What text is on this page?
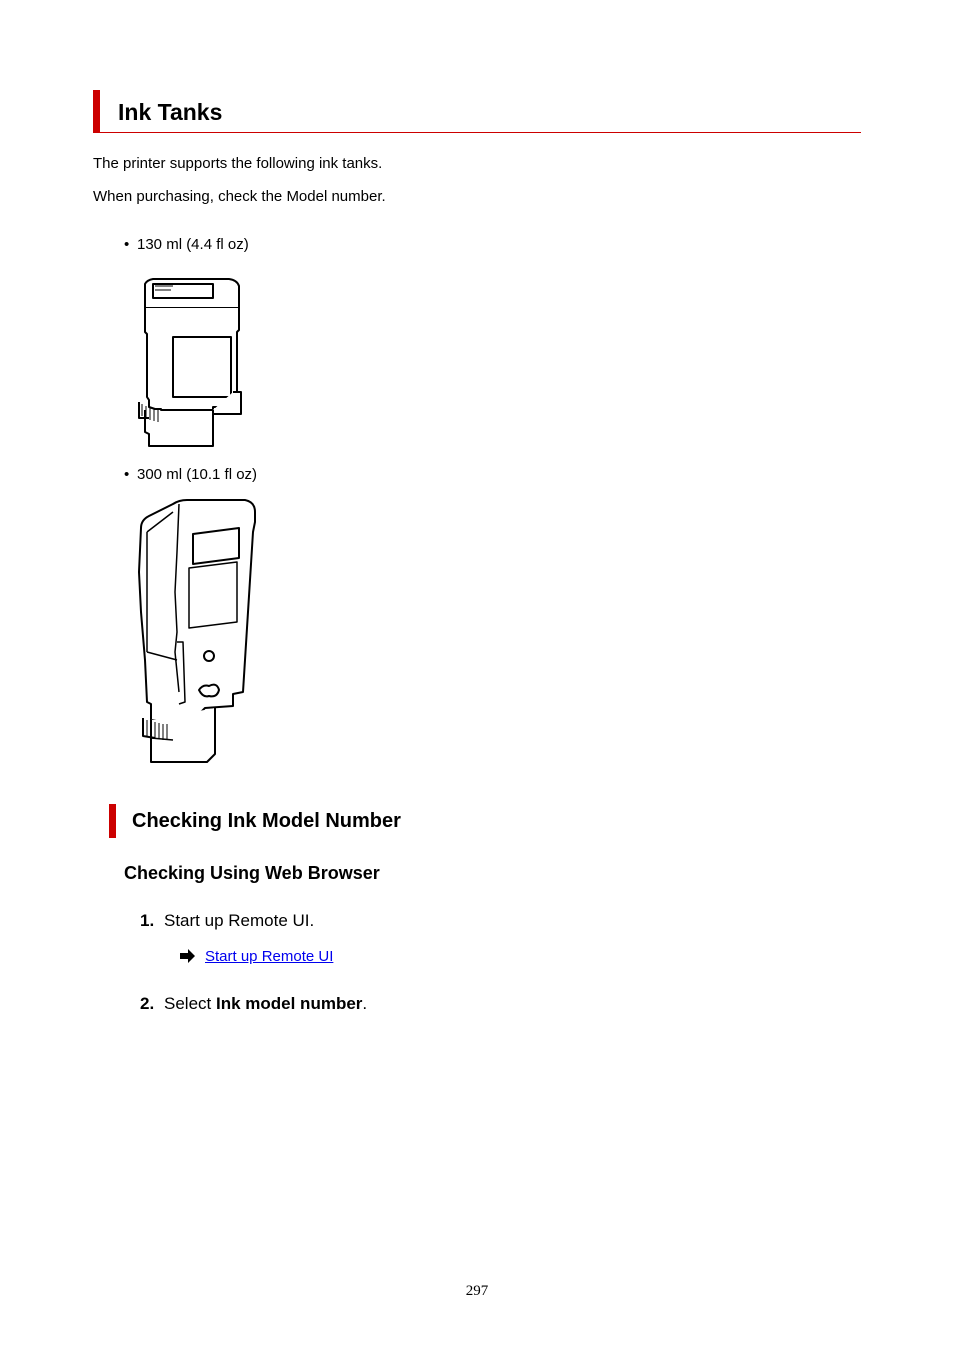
Ink Tanks
The printer supports the following ink tanks.
When purchasing, check the Model number.
• 130 ml (4.4 fl oz)
• 300 ml (10.1 fl oz)
Checking Ink Model Number
Checking Using Web Browser
1. Start up Remote UI.
Start up Remote UI
2. Select Ink model number.
297
